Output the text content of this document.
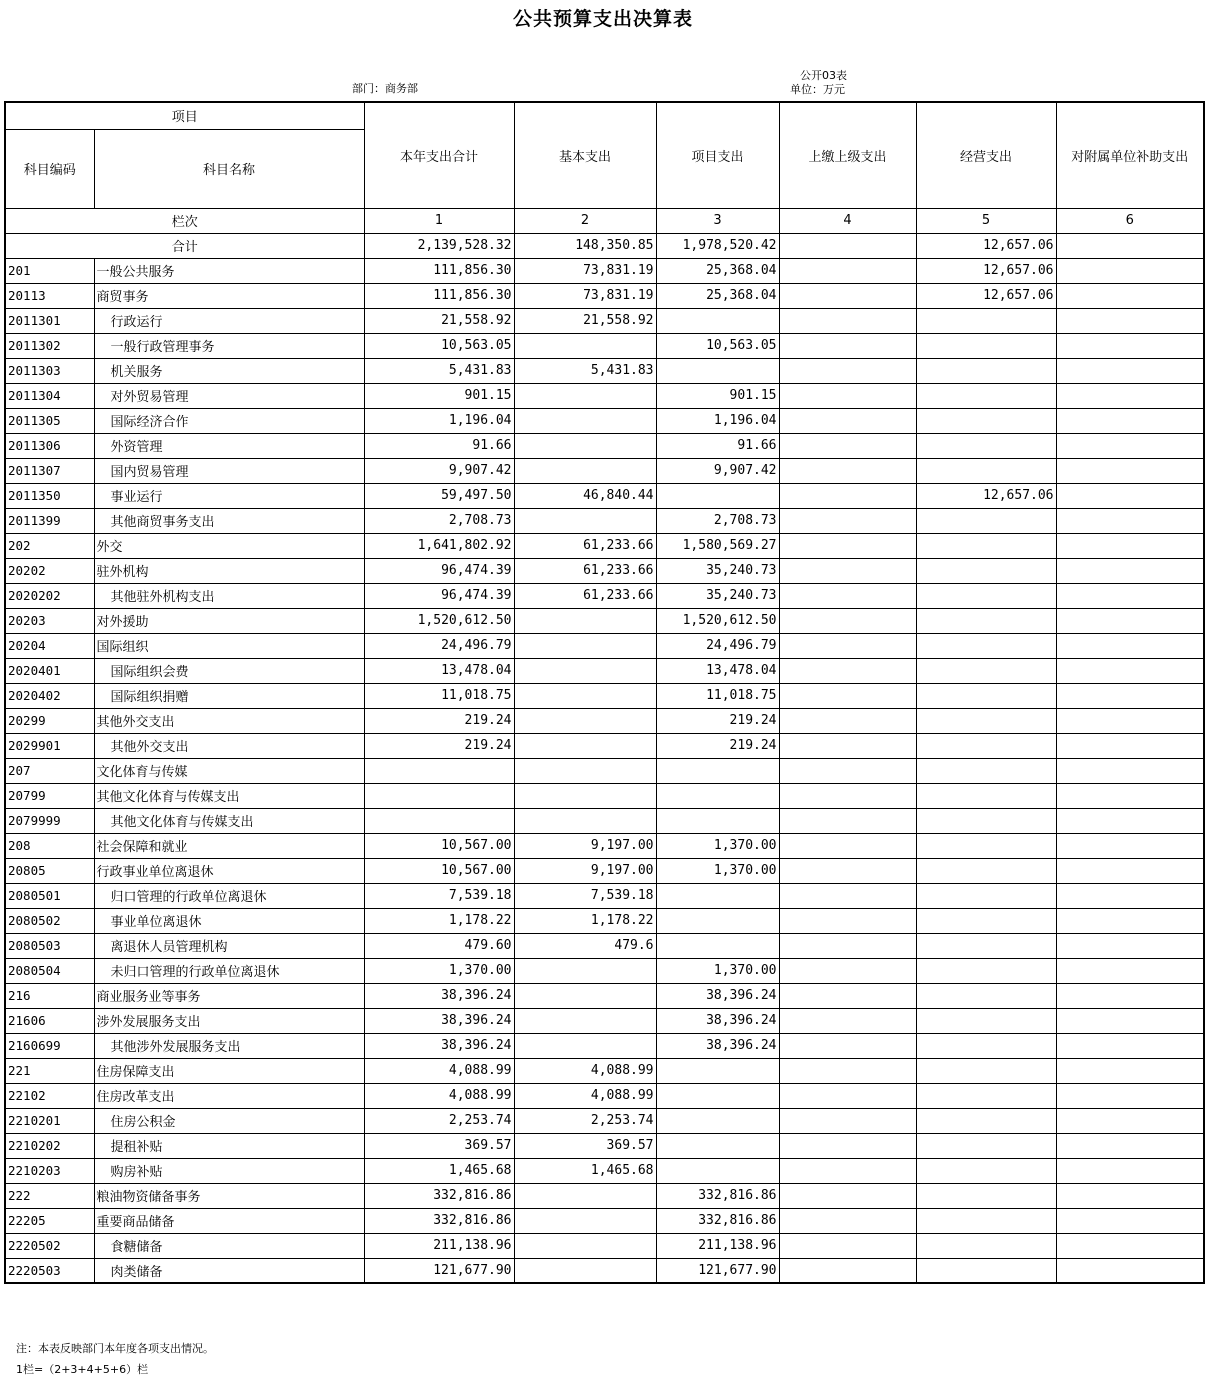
公共预算支出决算表
部门：商务部
公开03表
单位：万元
项目		本年支出合计	基本支出	项目支出	上缴上级支出	经营支出	对附属单位补助支出
科目编码	科目名称						
栏次		1	2	3	4	5	6
合计		2,139,528.32	148,350.85	1,978,520.42		12,657.06	
201	一般公共服务	111,856.30	73,831.19	25,368.04		12,657.06	
20113	商贸事务	111,856.30	73,831.19	25,368.04		12,657.06	
2011301	行政运行	21,558.92	21,558.92				
2011302	一般行政管理事务	10,563.05		10,563.05			
2011303	机关服务	5,431.83	5,431.83				
2011304	对外贸易管理	901.15		901.15			
2011305	国际经济合作	1,196.04		1,196.04			
2011306	外资管理	91.66		91.66			
2011307	国内贸易管理	9,907.42		9,907.42			
2011350	事业运行	59,497.50	46,840.44			12,657.06	
2011399	其他商贸事务支出	2,708.73		2,708.73			
202	外交	1,641,802.92	61,233.66	1,580,569.27			
20202	驻外机构	96,474.39	61,233.66	35,240.73			
2020202	其他驻外机构支出	96,474.39	61,233.66	35,240.73			
20203	对外援助	1,520,612.50		1,520,612.50			
20204	国际组织	24,496.79		24,496.79			
2020401	国际组织会费	13,478.04		13,478.04			
2020402	国际组织捐赠	11,018.75		11,018.75			
20299	其他外交支出	219.24		219.24			
2029901	其他外交支出	219.24		219.24			
207	文化体育与传媒						
20799	其他文化体育与传媒支出						
2079999	其他文化体育与传媒支出						
208	社会保障和就业	10,567.00	9,197.00	1,370.00			
20805	行政事业单位离退休	10,567.00	9,197.00	1,370.00			
2080501	归口管理的行政单位离退休	7,539.18	7,539.18				
2080502	事业单位离退休	1,178.22	1,178.22				
2080503	离退休人员管理机构	479.60	479.6				
2080504	未归口管理的行政单位离退休	1,370.00		1,370.00			
216	商业服务业等事务	38,396.24		38,396.24			
21606	涉外发展服务支出	38,396.24		38,396.24			
2160699	其他涉外发展服务支出	38,396.24		38,396.24			
221	住房保障支出	4,088.99	4,088.99				
22102	住房改革支出	4,088.99	4,088.99				
2210201	住房公积金	2,253.74	2,253.74				
2210202	提租补贴	369.57	369.57				
2210203	购房补贴	1,465.68	1,465.68				
222	粮油物资储备事务	332,816.86		332,816.86			
22205	重要商品储备	332,816.86		332,816.86			
2220502	食糖储备	211,138.96		211,138.96			
2220503	肉类储备	121,677.90		121,677.90			
注：本表反映部门本年度各项支出情况。
1栏=（2+3+4+5+6）栏
